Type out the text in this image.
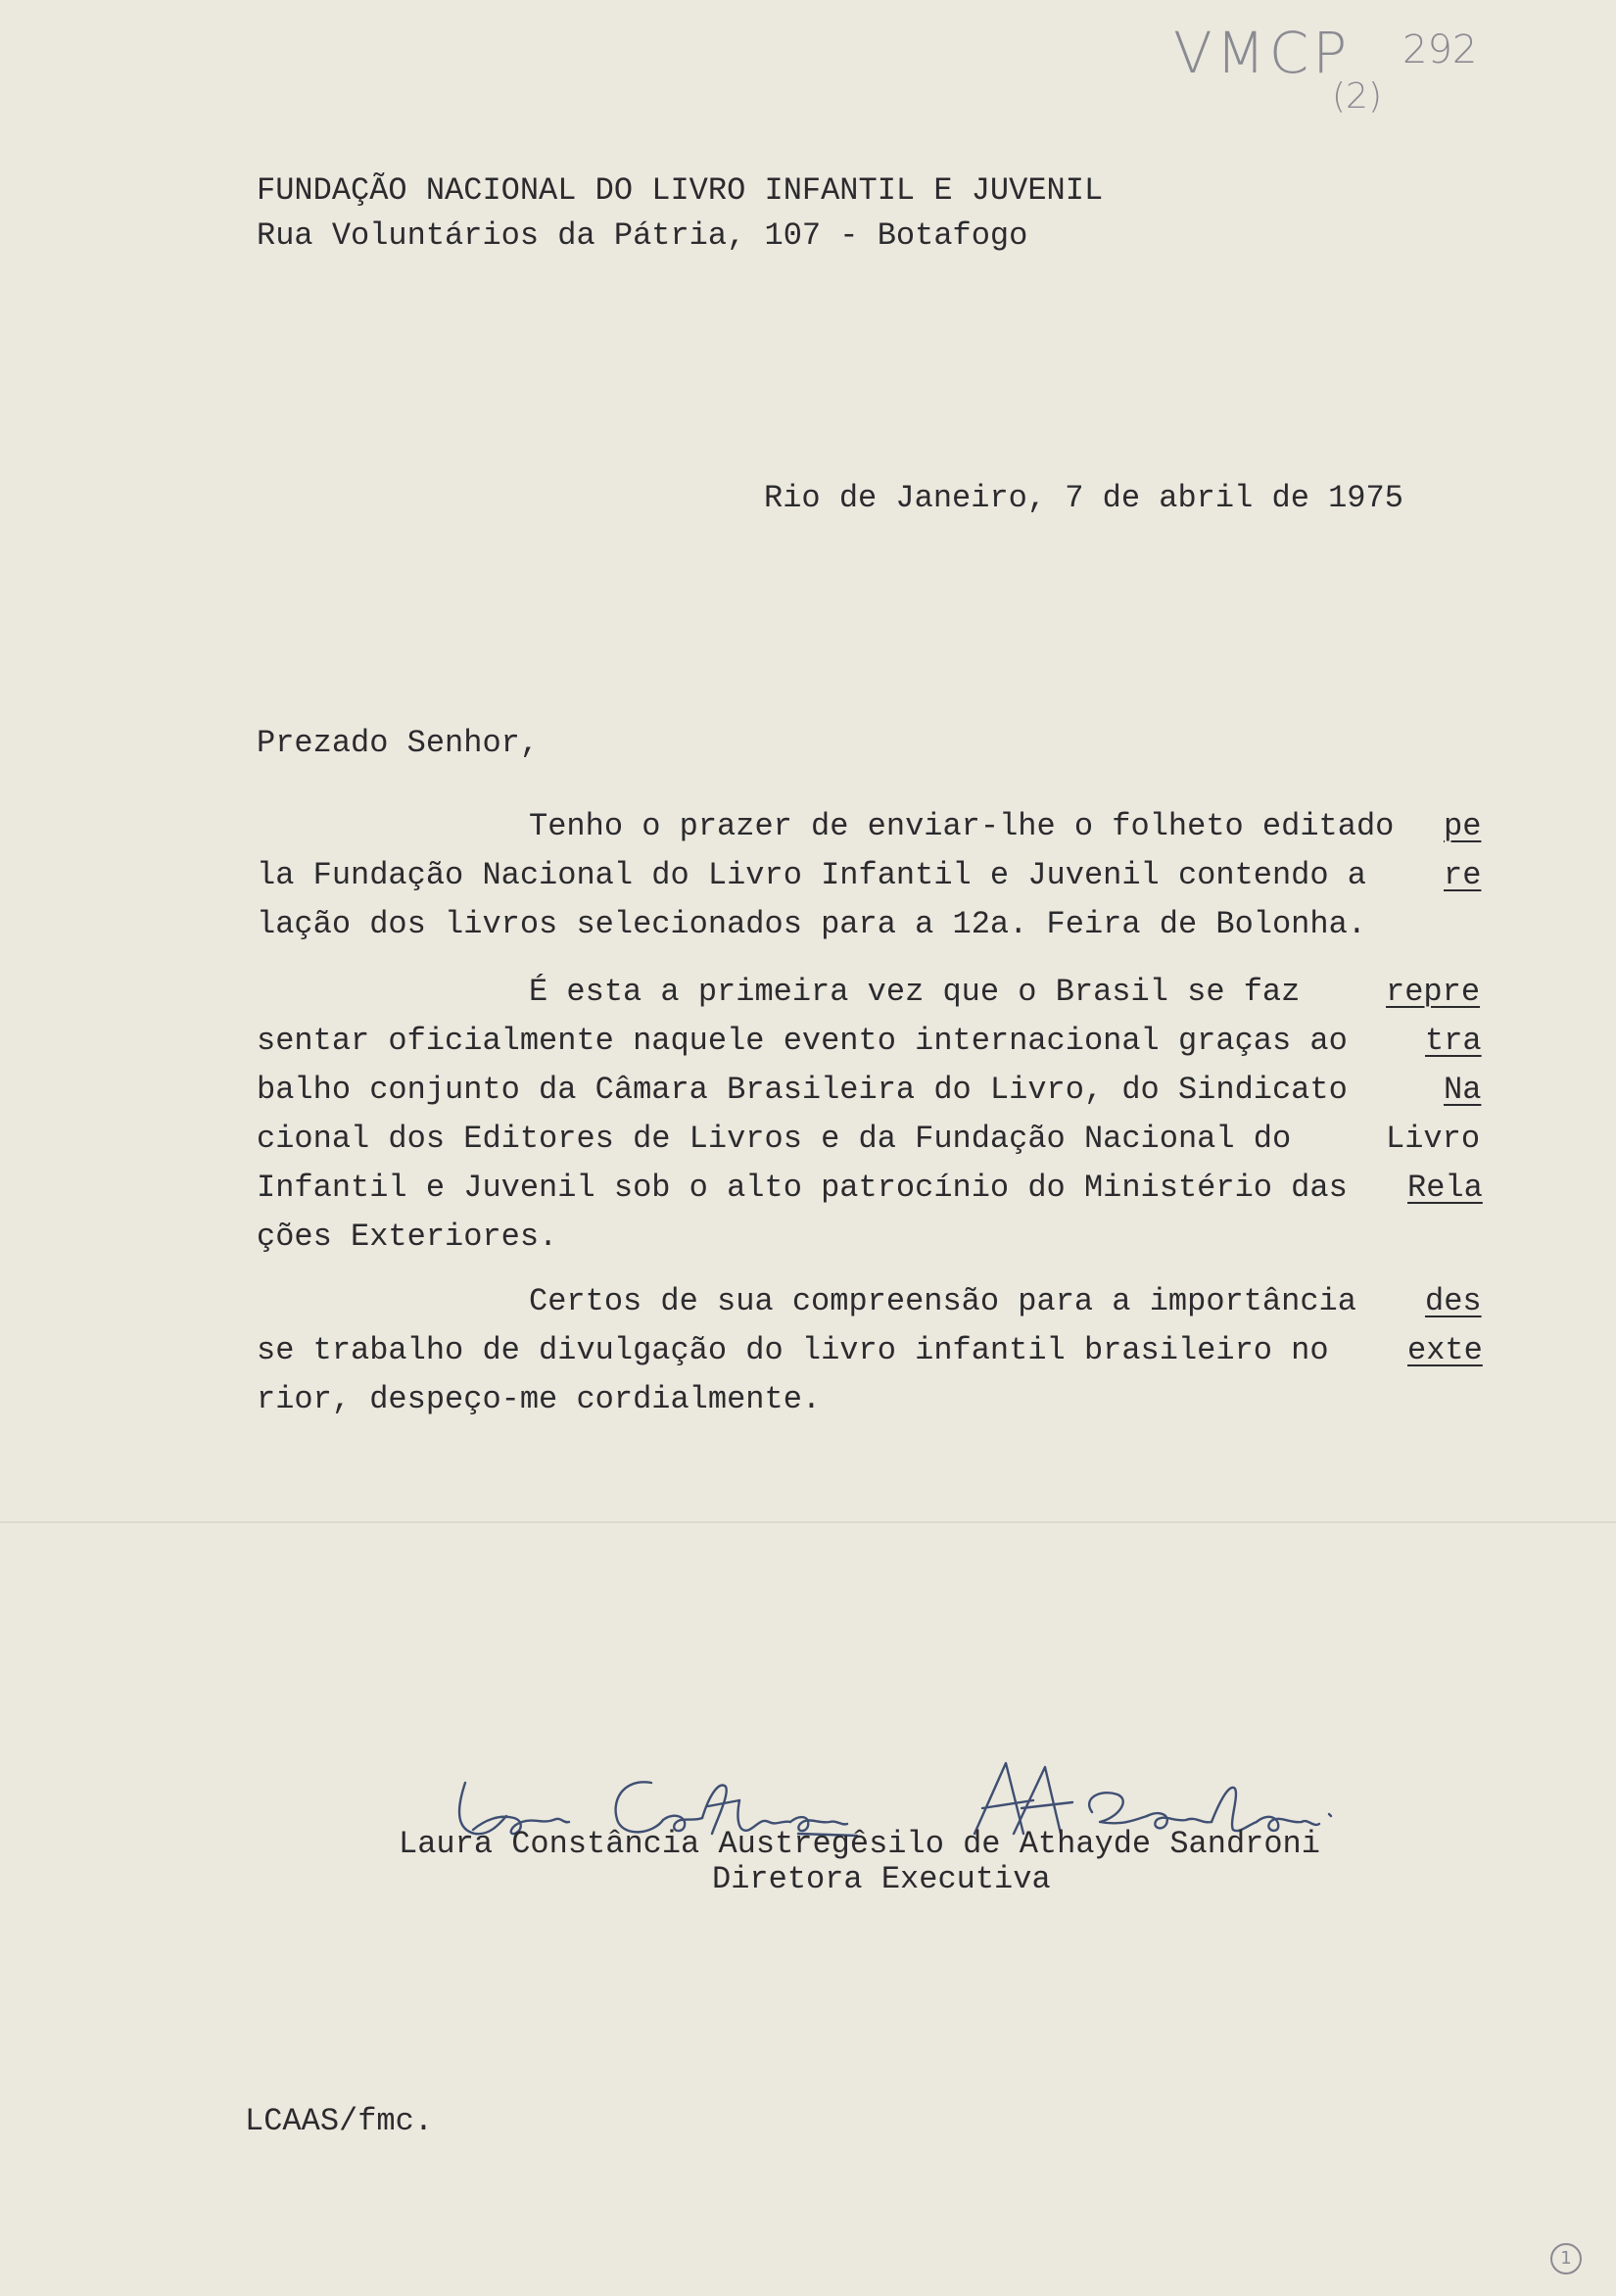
VMCP 292
(2)
FUNDAÇÃO NACIONAL DO LIVRO INFANTIL E JUVENIL
Rua Voluntários da Pátria, 107 - Botafogo
Rio de Janeiro, 7 de abril de 1975
Prezado Senhor,
Tenho o prazer de enviar-lhe o folheto editado pe
la Fundação Nacional do Livro Infantil e Juvenil contendo a re
lação dos livros selecionados para a 12a. Feira de Bolonha.
É esta a primeira vez que o Brasil se faz	repre
sentar oficialmente naquele evento internacional graças ao tra
balho conjunto da Câmara Brasileira do Livro, do Sindicato	Na
cional dos Editores de Livros e da Fundação Nacional do	Livro
Infantil e Juvenil sob o alto patrocínio do Ministério das Rela
ções Exteriores.
Certos de sua compreensão para a importância des
se trabalho de divulgação do livro infantil brasileiro no	exte
rior, despeço-me cordialmente.
Laura Constância Austregêsilo de Athayde Sandroni
Diretora Executiva
LCAAS/fmc.
1
